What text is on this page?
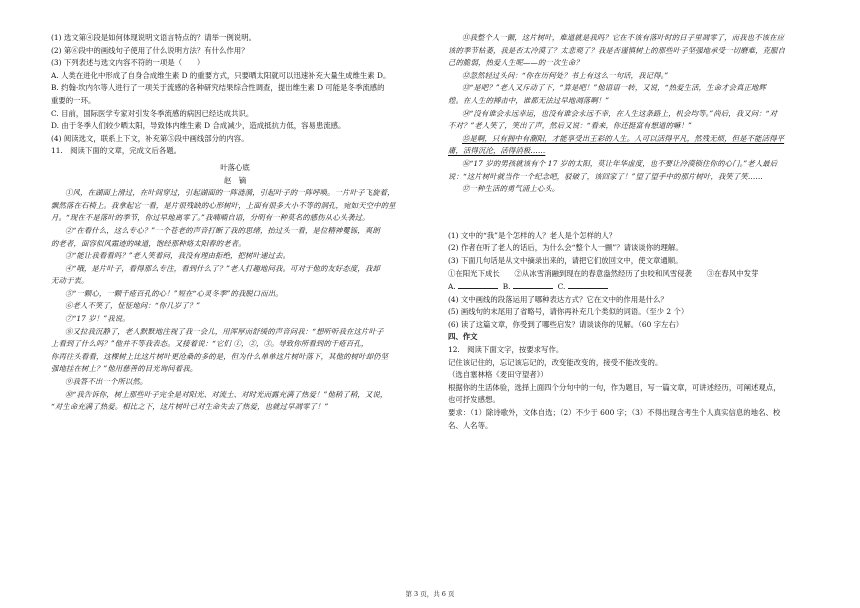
(1) 选文第④段是如何体现说明文语言特点的？请举一例说明。
(2) 第⑥段中的画线句子使用了什么说明方法？有什么作用？
(3) 下列表述与选文内容不符的一项是（　　）
A. 人类在进化中形成了自身合成维生素 D 的重要方式，只要晒太阳就可以迅速补充大量生成维生素 D。
B. 约翰·坎内尔等人进行了一项关于流感的各种研究结果综合性调查，提出维生素 D 可能是冬季流感的
重要的一环。
C. 目前，国际医学专家对引发冬季流感的病因已经达成共识。
D. 由于冬季人们较少晒太阳，导致体内维生素 D 合成减少，造成抵抗力低，容易患流感。
(4) 阅读选文，联系上下文，补充第⑤段中画线部分的内容。
11.　阅读下面的文章，完成文后各题。
叶落心底
赵　镝
①风，在湖面上滑过，在叶间穿过，引起湖面的一阵涟漪，引起叶子的一阵呼唤。一片叶子飞旋着，
飘然落在石椅上。我拿起它一看，是片很残缺的心形树叶，上面有很多大小不等的洞孔，宛如天空中的星
月。“现在不是落叶的季节，你过早地离零了。”我喃喃自语，分明有一种莫名的感伤从心头袭过。
②“在看什么，这么专心？”一个苍老的声音打断了我的思绪，抬过头一看，是位精神矍铄，爽朗
的老者，面容似风霜迹的味道，饱经那种烙太阳春的老者。
③“能让我看看吗？”老人笑着问，我没有理由拒绝，把树叶递过去。
④“哦，是片叶子，看得那么专注，看到什么了？”老人打趣地问我。可对于他的友好态度，我却
无动于衷。
⑤“一颗心，一颗千疮百孔的心！”短在“心灵冬季”的我脱口而出。
⑥老人不笑了，怔怔地问：“你几岁了？”
⑦“17 岁！”我说。
⑧又拉我沉静了，老人默默地注视了我一会儿，用浑厚而舒缓的声音问我：“想听听我在这片叶子
上看到了什么吗？”他并不等我表态。又接着说：“它们 ①，②，③。导致你所看到的千疮百孔，
你再往头看看，这棵树上比这片树叶更沧桑的多的是，但为什么单单这片树叶落下，其他的树叶却仍坚
强地挂在树上？”他用慈善的目光询问着我。
⑨我答不出一个所以然。
⑩“我告诉你，树上那些叶子完全是对阳光、对流土、对时光而露充满了热爱！”他稍了稍，又说，
“对生命充满了热爱。相比之下，这片树叶已对生命失去了热爱，也就过早凋零了！”
⑪我整个人一颤，这片树叶，难道就是我吗？它在不该有落叶时的日子里凋零了，而我也不该在应
该的季节枯萎，我是否太冷漠了？太悲观了？我是否谨慎树上的那些叶子坚强地承受一切磨难，克服自
己的脆弱，热爱人生呢——的一次生命？
⑫忽然轻过头问：“你在历何处？书上有这么一句话，我记得。”
⑬“是吧？”老人又斥动了下，“算是吧！”他语语一转，又说，“热爱生活，生命才会真正地辉
煌。在人生的搏击中，谁都无法过早地凋落啊！”
⑭“没有谁会永远幸运，也没有谁会永远不幸，在人生这条路上，机会均等。”尚后，我又问：“对
不对？”老人笑了，笑出了声，然后又说：“看来，你还挺富有想道的嘛！”
⑮是啊，只有拥中有潮阳，才能享受出王彩的人生。人可以活得平凡，然残无烦，但是不能活得平
庸，活得沉沦，活得消极……
⑯“17 岁的男孩就该有个 17 岁的太阳，莫让年华虚度，也不要让冷漠锁住你的心门。”老人最后
说：“这片树叶就当作一个纪念吧，驳破了，该回家了！”望了望手中的那片树叶，我笑了笑……
⑰一种生活的勇气涌上心头。
(1) 文中的“我”是个怎样的人？老人是个怎样的人？
(2) 作者在听了老人的话后，为什么会“整个人一颤”？请谈谈你的理解。
(3) 下面几句话是从文中摘录出来的，请把它们放回文中，使文章通顺。
①在阳光下成长　　②从冰雪消融到现在的春意盎然经历了虫咬和风雪侵袭　　③在春风中发芽
A.	B.	C.
(4) 文中画线的段落运用了哪种表达方式？它在文中的作用是什么？
(5) 画线句的末尾用了省略号，请你再补充几个类似的词语。（至少 2 个）
(6) 读了这篇文章，你受到了哪些启发？请谈谈你的见解。（60 字左右）
四、作文
12.　阅读下面文字，按要求写作。
记住该记住的，忘记该忘记的，改变能改变的，接受不能改变的。
（选自塞林格《麦田守望者》）
根据你的生活体验，选择上面四个分句中的一句，作为题目，写一篇文章，可讲述经历，可阐述观点，
也可抒发感想。
要求：（1）除诗歌外，文体自选；（2）不少于 600 字；（3）不得出现含考生个人真实信息的地名、校
名、人名等。
第 3 页，共 6 页
